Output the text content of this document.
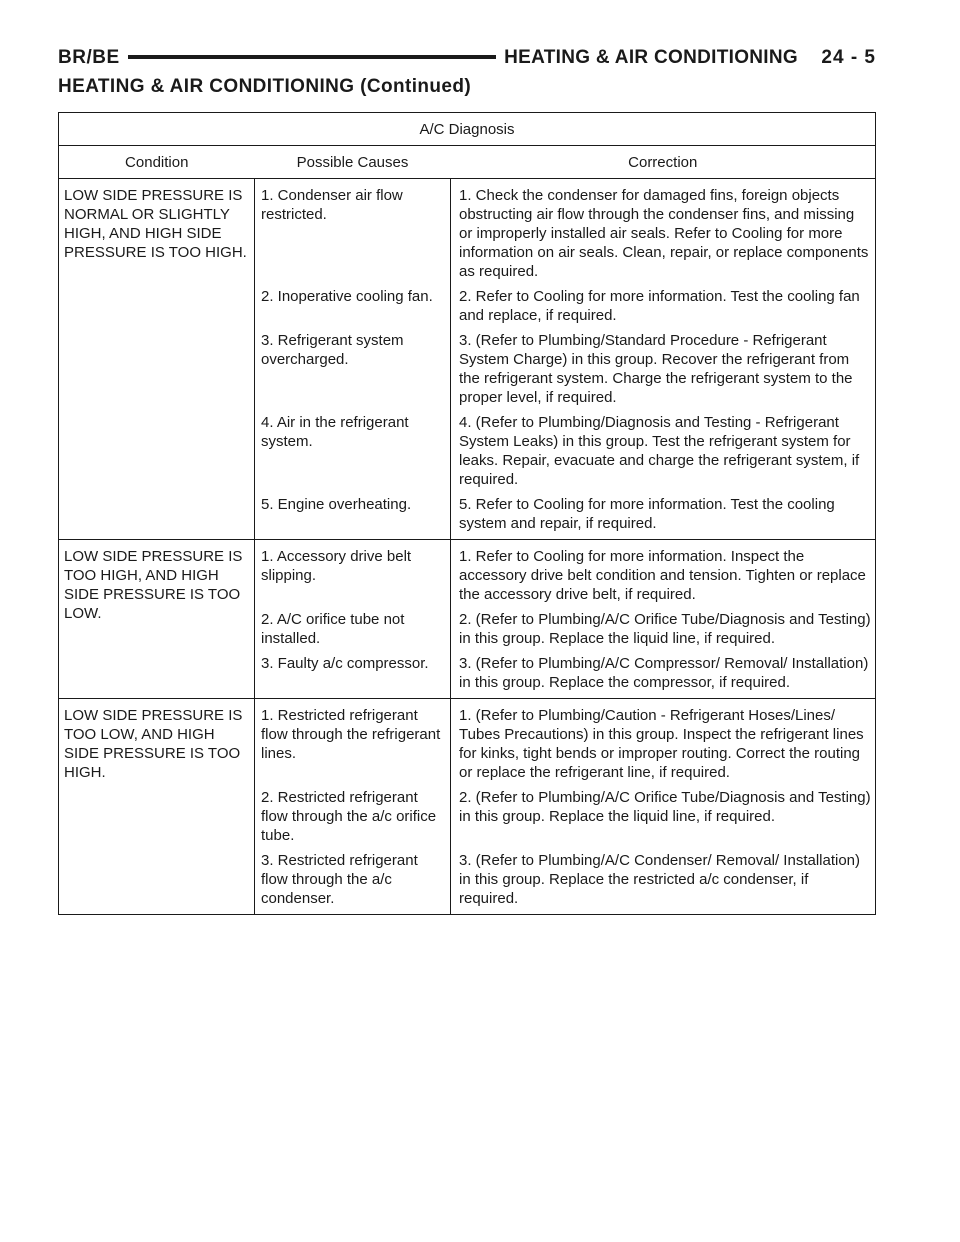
BR/BE	HEATING & AIR CONDITIONING 24 - 5
HEATING & AIR CONDITIONING (Continued)
A/C Diagnosis		
Condition	Possible Causes	Correction
LOW SIDE PRESSURE IS NORMAL OR SLIGHTLY HIGH, AND HIGH SIDE PRESSURE IS TOO HIGH.	1. Condenser air flow restricted.	1. Check the condenser for damaged fins, foreign objects obstructing air flow through the condenser fins, and missing or improperly installed air seals. Refer to Cooling for more information on air seals. Clean, repair, or replace components as required.
	2. Inoperative cooling fan.	2. Refer to Cooling for more information. Test the cooling fan and replace, if required.
	3. Refrigerant system overcharged.	3. (Refer to Plumbing/Standard Procedure - Refrigerant System Charge) in this group. Recover the refrigerant from the refrigerant system. Charge the refrigerant system to the proper level, if required.
	4. Air in the refrigerant system.	4. (Refer to Plumbing/Diagnosis and Testing - Refrigerant System Leaks) in this group. Test the refrigerant system for leaks. Repair, evacuate and charge the refrigerant system, if required.
	5. Engine overheating.	5. Refer to Cooling for more information. Test the cooling system and repair, if required.
LOW SIDE PRESSURE IS TOO HIGH, AND HIGH SIDE PRESSURE IS TOO LOW.	1. Accessory drive belt slipping.	1. Refer to Cooling for more information. Inspect the accessory drive belt condition and tension. Tighten or replace the accessory drive belt, if required.
	2. A/C orifice tube not installed.	2. (Refer to Plumbing/A/C Orifice Tube/Diagnosis and Testing) in this group. Replace the liquid line, if required.
	3. Faulty a/c compressor.	3. (Refer to Plumbing/A/C Compressor/ Removal/ Installation) in this group. Replace the compressor, if required.
LOW SIDE PRESSURE IS TOO LOW, AND HIGH SIDE PRESSURE IS TOO HIGH.	1. Restricted refrigerant flow through the refrigerant lines.	1. (Refer to Plumbing/Caution - Refrigerant Hoses/Lines/ Tubes Precautions) in this group. Inspect the refrigerant lines for kinks, tight bends or improper routing. Correct the routing or replace the refrigerant line, if required.
	2. Restricted refrigerant flow through the a/c orifice tube.	2. (Refer to Plumbing/A/C Orifice Tube/Diagnosis and Testing) in this group. Replace the liquid line, if required.
	3. Restricted refrigerant flow through the a/c condenser.	3. (Refer to Plumbing/A/C Condenser/ Removal/ Installation) in this group. Replace the restricted a/c condenser, if required.
